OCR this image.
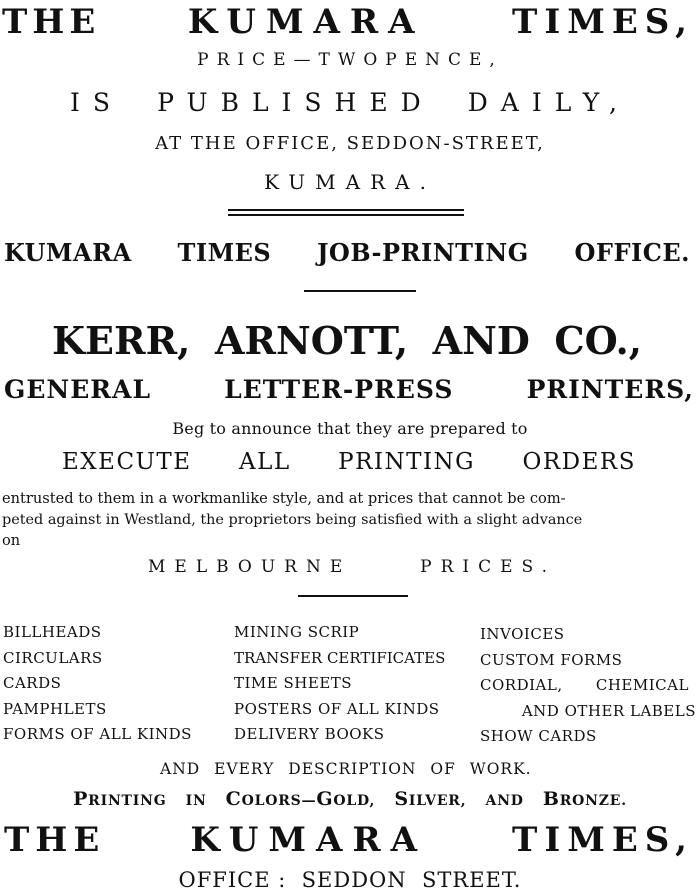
THE	KUMARA	TIMES,
PRICE—TWOPENCE,
IS PUBLISHED DAILY,
AT THE OFFICE, SEDDON-STREET,
KUMARA.
KUMARA TIMES JOB-PRINTING OFFICE.
KERR, ARNOTT, AND CO.,
GENERAL	LETTER-PRESS	PRINTERS,
Beg to announce that they are prepared to
EXECUTE ALL PRINTING ORDERS
entrusted to them in a workmanlike style, and at prices that cannot be com-
peted against in Westland, the proprietors being satisfied with a slight advance
on
MELBOURNE	PRICES.
BILLHEADS
CIRCULARS
CARDS
PAMPHLETS
FORMS OF ALL KINDS
MINING SCRIP
TRANSFER CERTIFICATES
TIME SHEETS
POSTERS OF ALL KINDS
DELIVERY BOOKS
INVOICES
CUSTOM FORMS
CORDIAL, CHEMICAL
AND OTHER LABELS
SHOW CARDS
AND EVERY DESCRIPTION OF WORK.
PRINTING IN COLORS—GOLD, SILVER, AND BRONZE.
THE	KUMARA	TIMES,
OFFICE :  SEDDON  STREET.
